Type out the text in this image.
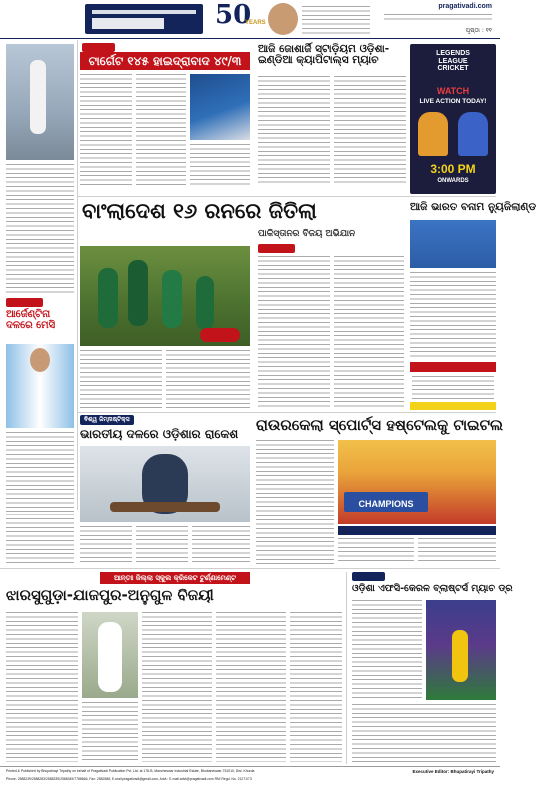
50
YEARS
pragativadi.com
ପୃଷ୍ଠା : ୧୧

ଟାର୍ଗେଟ ୧୪୫ ହାଇଦ୍ରାବାଦ ୪୯/୩
ଆଜି ଜୋଶାର୍ଜି ସ୍ଟାଡ଼ିୟମ ଓଡ଼ିଶା-ଇଣ୍ଡିଆ କ୍ୟାପିଟାଲ୍ସ ମ୍ୟାଚ
LEGENDS
LEAGUE
CRICKET
WATCH
LIVE ACTION TODAY!
3:00 PM
ONWARDS
ବାଂଲାଦେଶ ୧୬ ରନରେ ଜିତିଲା
ପାକିସ୍ତାନର ବିଜୟ ଅଭିଯାନ

ଆଜି ଭାରତ ବନାମ ନ୍ୟୁଜିଲାଣ୍ଡ

ଆର୍ଜେଣ୍ଟିନା ଦଳରେ ମେସି
ଵିଶ୍ୱ ଜିମ୍ନାଷ୍ଟିକ୍ସ
ଭାରତୀୟ ଦଳରେ ଓଡ଼ିଶାର ରାକେଶ ରାଉରକେଲା ସ୍ପୋର୍ଟ୍ସ ହଷ୍ଟେଲକୁ ଟାଇଟଲ
CHAMPIONS
ଆନ୍ତଃ ଜିଲ୍ଲା ସ୍କୁଲ କ୍ରିକେଟ ଟୁର୍ଣ୍ଣାମେଣ୍ଟ
ଝାରସୁଗୁଡ଼ା-ଯାଜପୁର-ଅନୁଗୁଳ ବିଜୟୀ
	ଓଡ଼ିଶା ଏଫସି-କେରଳ ବ୍ଲାଷ୍ଟର୍ସ ମ୍ୟାଚ ଡ୍ର
Printed & Published by Bhupatirayi Tripathy on behalf of Pragativadi Publication Pvt. Ltd. at 178-B, Mancheswar Industrial Estate, Bhubaneswar-751010, Dist. Khurda
Phone: 2588239/2588283/2588339/2588349/7788666, Fax: 2582588, E-mail:pragativadi@gmail.com, Advt.: E-mail:advt@pragativadi.com RNI Regd. No. 21271/73
Executive Editor: Bhupatirayi Tripathy
